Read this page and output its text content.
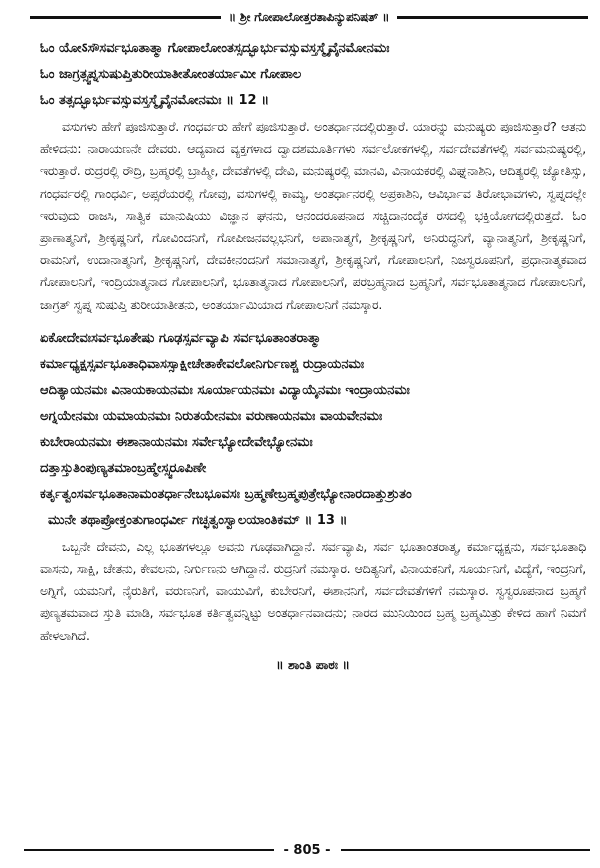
॥ ಶ್ರೀ ಗೋಪಾಲೋತ್ತರತಾಪಿನ್ಯುಪನಿಷತ್ ॥
ಓಂ ಯೋऽಸೌಸರ್ವಭೂತಾತ್ಮಾ ಗೋಪಾಲೋಂತಸ್ಸದ್ಭೂರ್ಭುವಸ್ಸುವಸ್ತಸ್ಮೈವೈನಮೋನಮಃ
ಓಂ ಜಾಗ್ರತ್ಸ್ವಪ್ನಸುಷುಪ್ತಿತುರೀಯಾತೀತೋಂತರ್ಯಾಮೀ ಗೋಪಾಲ
ಓಂ ತತ್ಸದ್ಭೂರ್ಭುವಸ್ಸುವಸ್ತಸ್ಮೈವೈನಮೋನಮಃ ॥ 12 ॥
ವಸುಗಳು ಹೇಗೆ ಪೂಜಿಸುತ್ತಾರೆ. ಗಂಧರ್ವರು ಹೇಗೆ ಪೂಜಿಸುತ್ತಾರೆ. ಅಂತರ್ಧಾನದಲ್ಲಿರುತ್ತಾರೆ. ಯಾರನ್ನು ಮನುಷ್ಯರು ಪೂಜಿಸುತ್ತಾರೆ? ಆತನು ಹೇಳಿದನು: ನಾರಾಯಣನೇ ದೇವರು. ಆದ್ಯವಾದ ವ್ಯಕ್ತಗಳಾದ ದ್ವಾದಶಮೂರ್ತಿಗಳು ಸರ್ವಲೋಕಗಳಲ್ಲಿ, ಸರ್ವದೇವತೆಗಳಲ್ಲಿ ಸರ್ವಮನುಷ್ಯರಲ್ಲಿ, ಇರುತ್ತಾರೆ. ರುದ್ರರಲ್ಲಿ ರೌದ್ರಿ, ಬ್ರಹ್ಮರಲ್ಲಿ ಬ್ರಾಹ್ಮೀ, ದೇವತೆಗಳಲ್ಲಿ ದೇವಿ, ಮನುಷ್ಯರಲ್ಲಿ ಮಾನವಿ, ವಿನಾಯಕರಲ್ಲಿ ವಿಘ್ನನಾಶಿನಿ, ಆದಿತ್ಯರಲ್ಲಿ ಜ್ಯೋತಿಸ್ಸು, ಗಂಧರ್ವರಲ್ಲಿ ಗಾಂಧರ್ವಿ, ಅಪ್ಸರೆಯರಲ್ಲಿ ಗೋವು, ವಸುಗಳಲ್ಲಿ ಕಾಮ್ಯ, ಅಂತರ್ಧಾನರಲ್ಲಿ ಅಪ್ರಕಾಶಿನಿ, ಆವಿರ್ಭಾವ ತಿರೋಭಾವಗಳು, ಸ್ವಪ್ನದಲ್ಲೇ ಇರುವುದು ರಾಜಸಿ, ಸಾತ್ವಿಕ ಮಾನುಷಿಯು ವಿಜ್ಞಾನ ಘನನು, ಆನಂದರೂಪನಾದ ಸಚ್ಚಿದಾನಂದೈಕ ರಸದಲ್ಲಿ ಭಕ್ತಿಯೋಗದಲ್ಲಿರುತ್ತದೆ. ಓಂ ಪ್ರಾಣಾತ್ಮನಿಗೆ, ಶ್ರೀಕೃಷ್ಣನಿಗೆ, ಗೋವಿಂದನಿಗೆ, ಗೋಪೀಜನವಲ್ಲಭನಿಗೆ, ಅಪಾನಾತ್ಮಗೆ, ಶ್ರೀಕೃಷ್ಣನಿಗೆ, ಅನಿರುದ್ಧನಿಗೆ, ವ್ಯಾನಾತ್ಮನಿಗೆ, ಶ್ರೀಕೃಷ್ಣನಿಗೆ, ರಾಮನಿಗೆ, ಉದಾನಾತ್ಮನಿಗೆ, ಶ್ರೀಕೃಷ್ಣನಿಗೆ, ದೇವಕೀನಂದನಿಗೆ ಸಮಾನಾತ್ಮಗೆ, ಶ್ರೀಕೃಷ್ಣನಿಗೆ, ಗೋಪಾಲನಿಗೆ, ನಿಜಸ್ವರೂಪನಿಗೆ, ಪ್ರಧಾನಾತ್ಮಕವಾದ ಗೋಪಾಲನಿಗೆ, ಇಂದ್ರಿಯಾತ್ಮನಾದ ಗೋಪಾಲನಿಗೆ, ಭೂತಾತ್ಮನಾದ ಗೋಪಾಲನಿಗೆ, ಪರಬ್ರಹ್ಮನಾದ ಬ್ರಹ್ಮನಿಗೆ, ಸರ್ವಭೂತಾತ್ಮನಾದ ಗೋಪಾಲನಿಗೆ, ಜಾಗ್ರತ್ ಸ್ವಪ್ನ ಸುಷುಪ್ತಿ ತುರೀಯಾತೀತನು, ಅಂತರ್ಯಾಮಿಯಾದ ಗೋಪಾಲನಿಗೆ ನಮಸ್ಕಾರ.
ಏಕೋದೇವಃಸರ್ವಭೂತೇಷು ಗೂಢಸ್ಸರ್ವವ್ಯಾಪಿ ಸರ್ವಭೂತಾಂತರಾತ್ಮಾ
ಕರ್ಮಾಧ್ಯಕ್ಷಸ್ಸರ್ವಭೂತಾಧಿವಾಸಸ್ಸಾಕ್ಷೀಚೇತಾಕೇವಲೋನಿರ್ಗುಣಶ್ಚ ರುದ್ರಾಯನಮಃ
ಆದಿತ್ಯಾಯನಮಃ ವಿನಾಯಕಾಯನಮಃ ಸೂರ್ಯಾಯನಮಃ ವಿದ್ಯಾಯೈನಮಃ ಇಂದ್ರಾಯನಮಃ
ಅಗ್ನಯೇನಮಃ ಯಮಾಯನಮಃ ನಿರುತಯೇನಮಃ ವರುಣಾಯನಮಃ ವಾಯವೇನಮಃ
ಕುಬೇರಾಯನಮಃ ಈಶಾನಾಯನಮಃ ಸರ್ವೇಭ್ಯೋದೇವೇಭ್ಯೋನಮಃ
ದತ್ತಾಸ್ತುತಿಂಪುಣ್ಯತಮಾಂಬ್ರಹ್ಮೇಸ್ಸ್ವರೂಪಿಣೇ
ಕರ್ತೃತ್ವಂಸರ್ವಭೂತಾನಾಮಂತರ್ಧಾನೇಬಭೂವಸಃ ಬ್ರಹ್ಮಣೇಬ್ರಹ್ಮಪುತ್ರೇಭ್ಯೋನಾರದಾತ್ತುಶ್ರುತಂ
ಮುನೇ ತಥಾಪ್ರೋಕ್ತಂತುಗಾಂಧರ್ವೀ ಗಚ್ಛತ್ವಂಸ್ವಾಲಯಾಂತಿಕಮ್ ॥ 13 ॥
ಒಬ್ಬನೇ ದೇವನು, ಎಲ್ಲ ಭೂತಗಳಲ್ಲೂ ಅವನು ಗೂಢವಾಗಿದ್ದಾನೆ. ಸರ್ವವ್ಯಾಪಿ, ಸರ್ವ ಭೂತಾಂತರಾತ್ಮ, ಕರ್ಮಾಧ್ಯಕ್ಷನು, ಸರ್ವಭೂತಾಧಿ ವಾಸನು, ಸಾಕ್ಷಿ, ಚೇತನು, ಕೇವಲನು, ನಿರ್ಗುಣನು ಆಗಿದ್ದಾನೆ. ರುದ್ರನಿಗೆ ನಮಸ್ಕಾರ. ಆದಿತ್ಯನಿಗೆ, ವಿನಾಯಕನಿಗೆ, ಸೂರ್ಯನಿಗೆ, ವಿದ್ಯೆಗೆ, ಇಂದ್ರನಿಗೆ, ಅಗ್ನಿಗೆ, ಯಮನಿಗೆ, ನೈರುತಿಗೆ, ವರುಣನಿಗೆ, ವಾಯುವಿಗೆ, ಕುಬೇರನಿಗೆ, ಈಶಾನನಿಗೆ, ಸರ್ವದೇವತೆಗಳಿಗೆ ನಮಸ್ಕಾರ. ಸ್ವಸ್ವರೂಪನಾದ ಬ್ರಹ್ಮಗೆ ಪುಣ್ಯತಮವಾದ ಸ್ತುತಿ ಮಾಡಿ, ಸರ್ವಭೂತ ಕರ್ತಿತ್ವವನ್ನಿಟ್ಟು ಅಂತರ್ಧಾನವಾದನು; ನಾರದ ಮುನಿಯಿಂದ ಬ್ರಹ್ಮ ಬ್ರಹ್ಮಮಿತ್ರು ಕೇಳಿದ ಹಾಗೆ ನಿಮಗೆ ಹೇಳಲಾಗಿದೆ.
॥ ಶಾಂತಿ ಪಾಠಃ ॥
- 805 -
